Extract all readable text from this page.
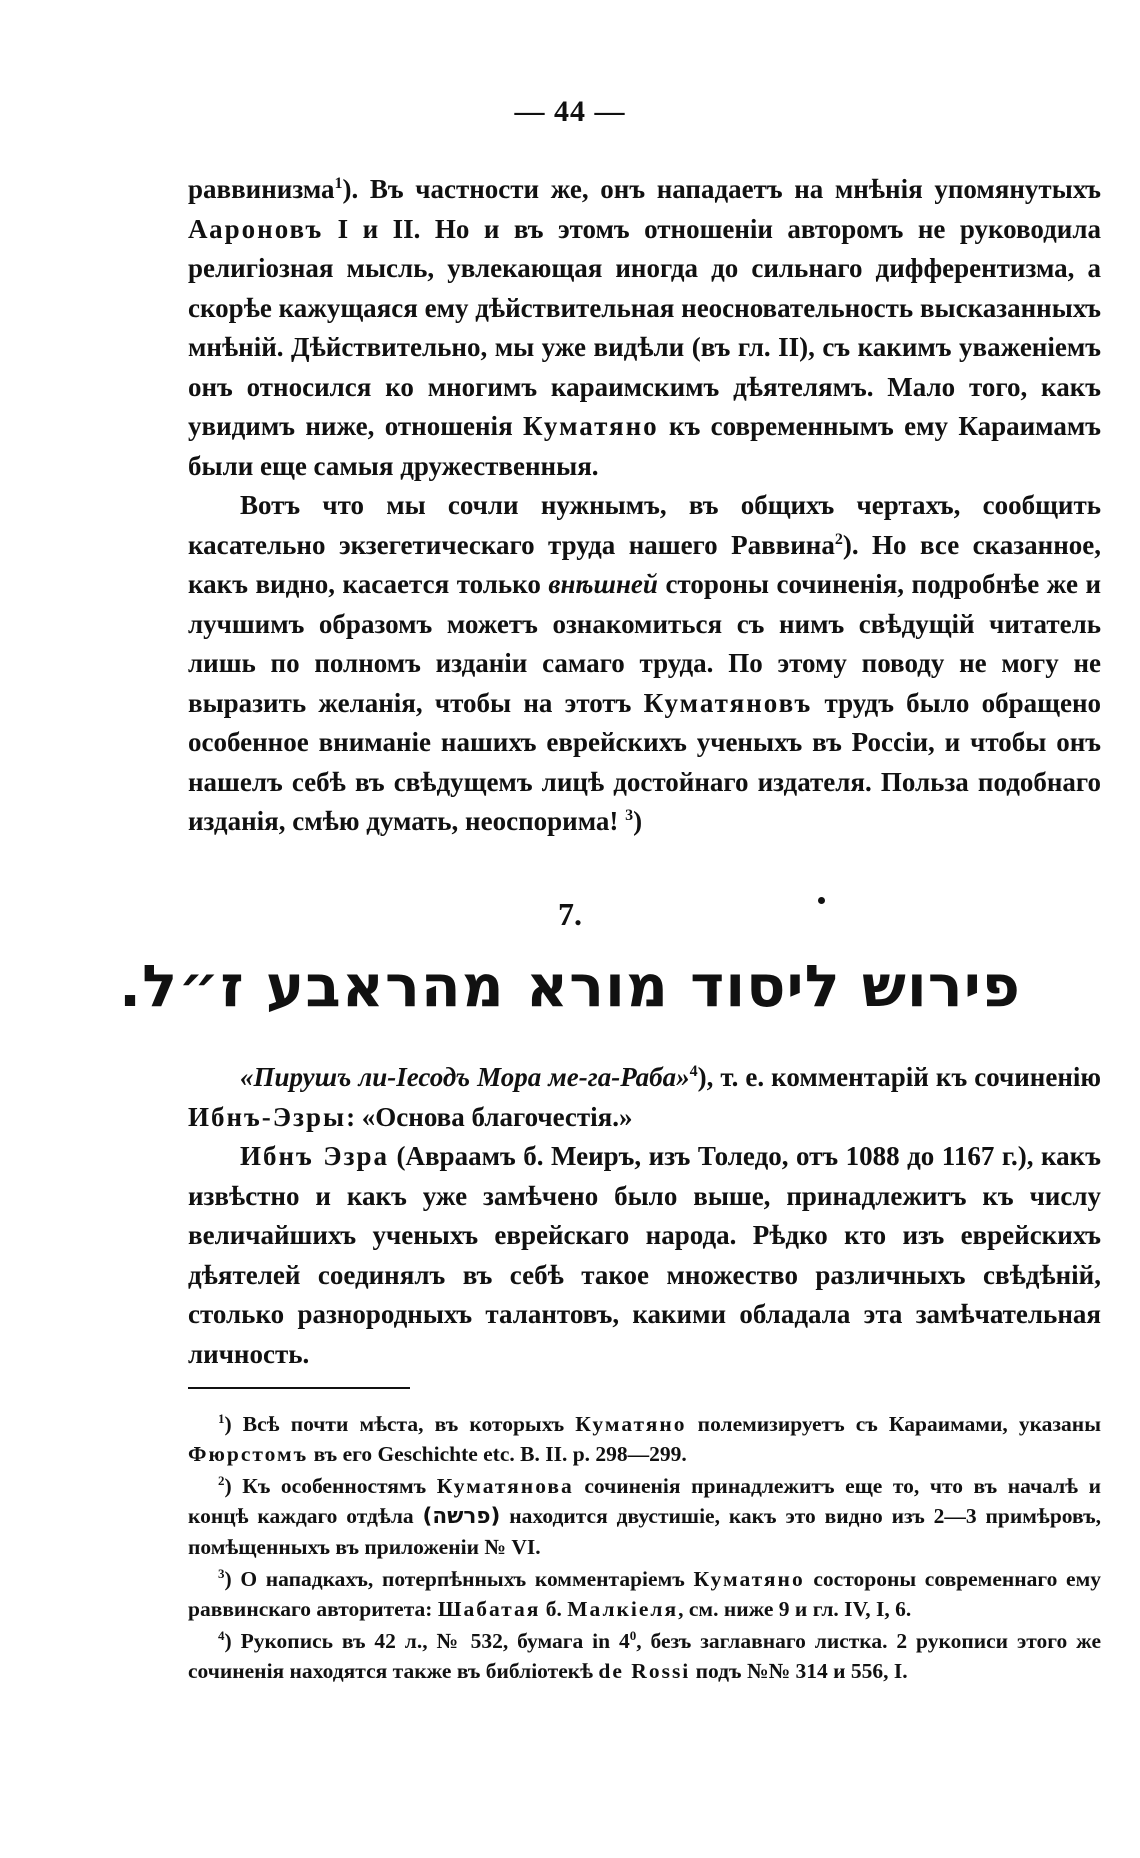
— 44 —

раввинизма$^1$). Въ частности же, онъ нападаетъ на мнѣнія упомянутыхъ Аароновъ I и II. Но и въ этомъ отношеніи авторомъ не руководила религіозная мысль, увлекающая иногда до сильнаго дифферентизма, а скорѣе кажущаяся ему дѣйствительная неосновательность высказанныхъ мнѣній. Дѣйствительно, мы уже видѣли (въ гл. II), съ какимъ уваженіемъ онъ относился ко многимъ караимскимъ дѣятелямъ. Мало того, какъ увидимъ ниже, отношенія Куматяно къ современнымъ ему Караимамъ были еще самыя дружественныя.

Вотъ что мы сочли нужнымъ, въ общихъ чертахъ, сообщить касательно экзегетическаго труда нашего Раввина$^2$). Но все сказанное, какъ видно, касается только внѣшней стороны сочиненія, подробнѣе же и лучшимъ образомъ можетъ ознакомиться съ нимъ свѣдущій читатель лишь по полномъ изданіи самаго труда. По этому поводу не могу не выразить желанія, чтобы на этотъ Куматяновъ трудъ было обращено особенное вниманіе нашихъ еврейскихъ ученыхъ въ Россіи, и чтобы онъ нашелъ себѣ въ свѣдущемъ лицѣ достойнаго издателя. Польза подобнаго изданія, смѣю думать, неоспорима! $^3$)

7.
פירוש ליסוד מורא מהראבע ז״ל.

«Пирушъ ли-Іесодъ Мора ме-га-Раба»$^4$), т. е. комментарій къ сочиненію Ибнъ-Эзры: «Основа благочестія.»

Ибнъ Эзра (Авраамъ б. Меиръ, изъ Толедо, отъ 1088 до 1167 г.), какъ извѣстно и какъ уже замѣчено было выше, принадлежитъ къ числу величайшихъ ученыхъ еврейскаго народа. Рѣдко кто изъ еврейскихъ дѣятелей соединялъ въ себѣ такое множество различныхъ свѣдѣній, столько разнородныхъ талантовъ, какими обладала эта замѣчательная личность.

$^1$) Всѣ почти мѣста, въ которыхъ Куматяно полемизируетъ съ Караимами, указаны Фюрстомъ въ его Geschichte etc. B. II. p. 298—299.

$^2$) Къ особенностямъ Куматянова сочиненія принадлежитъ еще то, что въ началѣ и концѣ каждаго отдѣла (פרשה) находится двустишіе, какъ это видно изъ 2—3 примѣровъ, помѣщенныхъ въ приложеніи № VI.

$^3$) О нападкахъ, потерпѣнныхъ комментаріемъ Куматяно состороны современнаго ему раввинскаго авторитета: Шабатая б. Малкіеля, см. ниже 9 и гл. IV, I, 6.

$^4$) Рукопись въ 42 л., № 532, бумага in $4^0$, безъ заглавнаго листка. 2 рукописи этого же сочиненія находятся также въ библіотекѣ de Rossi подъ №№ 314 и 556, I.
